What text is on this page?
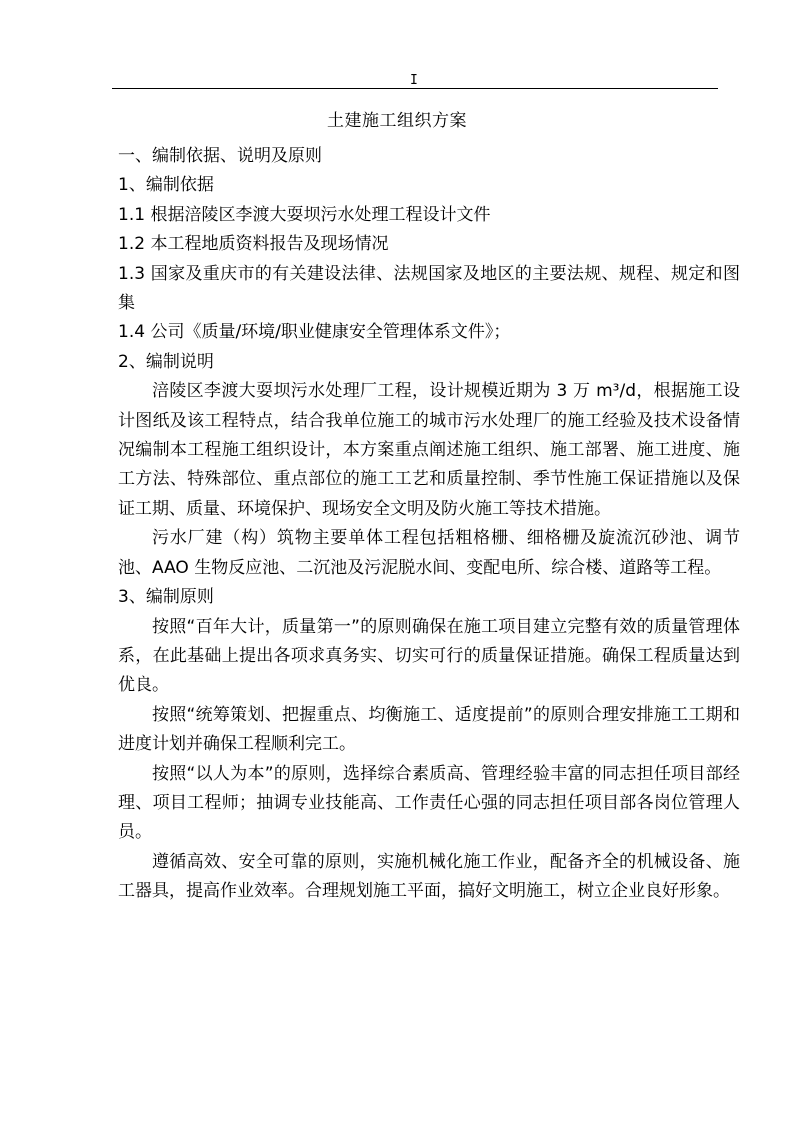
I
土建施工组织方案

一、编制依据、说明及原则

1、编制依据

1.1 根据涪陵区李渡大耍坝污水处理工程设计文件

1.2 本工程地质资料报告及现场情况

1.3 国家及重庆市的有关建设法律、法规国家及地区的主要法规、规程、规定和图集

1.4 公司《质量/环境/职业健康安全管理体系文件》；

2、编制说明

涪陵区李渡大耍坝污水处理厂工程，设计规模近期为 3 万 m³/d，根据施工设计图纸及该工程特点，结合我单位施工的城市污水处理厂的施工经验及技术设备情况编制本工程施工组织设计，本方案重点阐述施工组织、施工部署、施工进度、施工方法、特殊部位、重点部位的施工工艺和质量控制、季节性施工保证措施以及保证工期、质量、环境保护、现场安全文明及防火施工等技术措施。

污水厂建（构）筑物主要单体工程包括粗格栅、细格栅及旋流沉砂池、调节池、AAO 生物反应池、二沉池及污泥脱水间、变配电所、综合楼、道路等工程。

3、编制原则

按照“百年大计，质量第一”的原则确保在施工项目建立完整有效的质量管理体系，在此基础上提出各项求真务实、切实可行的质量保证措施。确保工程质量达到优良。

按照“统筹策划、把握重点、均衡施工、适度提前”的原则合理安排施工工期和进度计划并确保工程顺利完工。

按照“以人为本”的原则，选择综合素质高、管理经验丰富的同志担任项目部经理、项目工程师；抽调专业技能高、工作责任心强的同志担任项目部各岗位管理人员。

遵循高效、安全可靠的原则，实施机械化施工作业，配备齐全的机械设备、施工器具，提高作业效率。合理规划施工平面，搞好文明施工，树立企业良好形象。
